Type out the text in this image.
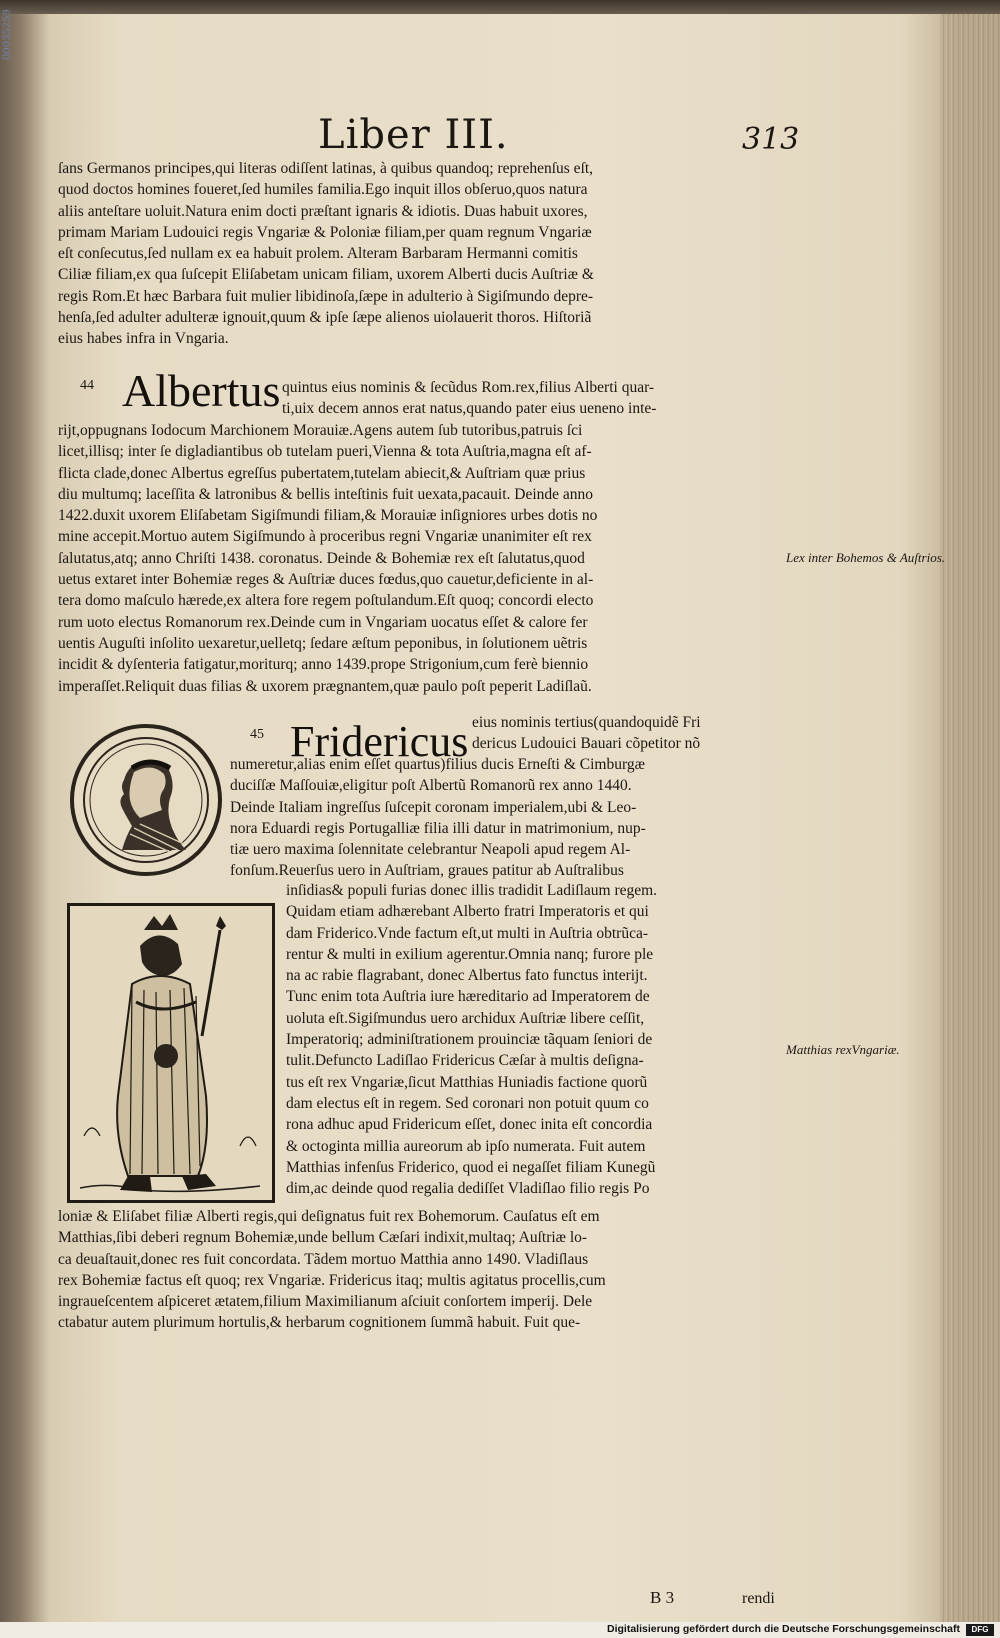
00035259
Liber III.	313
ſans Germanos principes,qui literas odiſſent latinas, à quibus quandoq; reprehenſus eſt,
quod doctos homines foueret,ſed humiles familia.Ego inquit illos obſeruo,quos natura
aliis anteſtare uoluit.Natura enim docti præſtant ignaris & idiotis. Duas habuit uxores,
primam Mariam Ludouici regis Vngariæ & Poloniæ filiam,per quam regnum Vngariæ
eſt conſecutus,ſed nullam ex ea habuit prolem. Alteram Barbaram Hermanni comitis
Ciliæ filiam,ex qua ſuſcepit Eliſabetam unicam filiam, uxorem Alberti ducis Auſtriæ &
regis Rom.Et hæc Barbara fuit mulier libidinoſa,ſæpe in adulterio à Sigiſmundo depre-
henſa,ſed adulter adulteræ ignouit,quum & ipſe ſæpe alienos uiolauerit thoros. Hiſtoriã
eius habes infra in Vngaria.
44 Albertus quintus eius nominis & ſecũdus Rom.rex,filius Alberti quar-
ti,uix decem annos erat natus,quando pater eius ueneno inte-
rijt,oppugnans Iodocum Marchionem Morauiæ.Agens autem ſub tutoribus,patruis ſci
licet,illisq; inter ſe digladiantibus ob tutelam pueri,Vienna & tota Auſtria,magna eſt af-
flicta clade,donec Albertus egreſſus pubertatem,tutelam abiecit,& Auſtriam quæ prius
diu multumq; laceſſita & latronibus & bellis inteſtinis fuit uexata,pacauit. Deinde anno
1422.duxit uxorem Eliſabetam Sigiſmundi filiam,& Morauiæ inſigniores urbes dotis no
mine accepit.Mortuo autem Sigiſmundo à proceribus regni Vngariæ unanimiter eſt rex
ſalutatus,atq; anno Chriſti 1438. coronatus. Deinde & Bohemiæ rex eſt ſalutatus,quod
uetus extaret inter Bohemiæ reges & Auſtriæ duces fœdus,quo cauetur,deficiente in al-
tera domo maſculo hærede,ex altera fore regem poſtulandum.Eſt quoq; concordi electo
rum uoto electus Romanorum rex.Deinde cum in Vngariam uocatus eſſet & calore fer
uentis Auguſti inſolito uexaretur,uelletq; ſedare æſtum peponibus, in ſolutionem uẽtris
incidit & dyſenteria fatigatur,moriturq; anno 1439.prope Strigonium,cum ferè biennio
imperaſſet.Reliquit duas filias & uxorem prægnantem,quæ paulo poſt peperit Ladiſlaũ.
Lex inter Bohemos & Auſtrios.
45 Fridericus eius nominis tertius(quandoquidẽ Fri
dericus Ludouici Bauari cõpetitor nõ
numeretur,alias enim eſſet quartus)filius ducis Erneſti & Cimburgæ
duciſſæ Maſſouiæ,eligitur poſt Albertũ Romanorũ rex anno 1440.
Deinde Italiam ingreſſus ſuſcepit coronam imperialem,ubi & Leo-
nora Eduardi regis Portugalliæ filia illi datur in matrimonium, nup-
tiæ uero maxima ſolennitate celebrantur Neapoli apud regem Al-
fonſum.Reuerſus uero in Auſtriam, graues patitur ab Auſtralibus
inſidias& populi furias donec illis tradidit Ladiſlaum regem.
Quidam etiam adhærebant Alberto fratri Imperatoris et qui
dam Friderico.Vnde factum eſt,ut multi in Auſtria obtrũca-
rentur & multi in exilium agerentur.Omnia nanq; furore ple
na ac rabie flagrabant, donec Albertus fato functus interijt.
Tunc enim tota Auſtria iure hæreditario ad Imperatorem de
uoluta eſt.Sigiſmundus uero archidux Auſtriæ libere ceſſit,
Imperatoriq; adminiſtrationem prouinciæ tãquam ſeniori de
tulit.Defuncto Ladiſlao Fridericus Cæſar à multis deſigna-
tus eſt rex Vngariæ,ſicut Matthias Huniadis factione quorũ
dam electus eſt in regem. Sed coronari non potuit quum co
rona adhuc apud Fridericum eſſet, donec inita eſt concordia
& octoginta millia aureorum ab ipſo numerata. Fuit autem
Matthias infenſus Friderico, quod ei negaſſet filiam Kunegũ
dim,ac deinde quod regalia dediſſet Vladiſlao filio regis Po
Matthias rexVngariæ.
loniæ & Eliſabet filiæ Alberti regis,qui deſignatus fuit rex Bohemorum. Cauſatus eſt em
Matthias,ſibi deberi regnum Bohemiæ,unde bellum Cæſari indixit,multaq; Auſtriæ lo-
ca deuaſtauit,donec res fuit concordata. Tãdem mortuo Matthia anno 1490. Vladiſlaus
rex Bohemiæ factus eſt quoq; rex Vngariæ. Fridericus itaq; multis agitatus procellis,cum
ingraueſcentem aſpiceret ætatem,filium Maximilianum aſciuit conſortem imperij. Dele
ctabatur autem plurimum hortulis,& herbarum cognitionem ſummã habuit. Fuit que-
B 3	rendi
Digitalisierung gefördert durch die Deutsche Forschungsgemeinschaft	DFG
